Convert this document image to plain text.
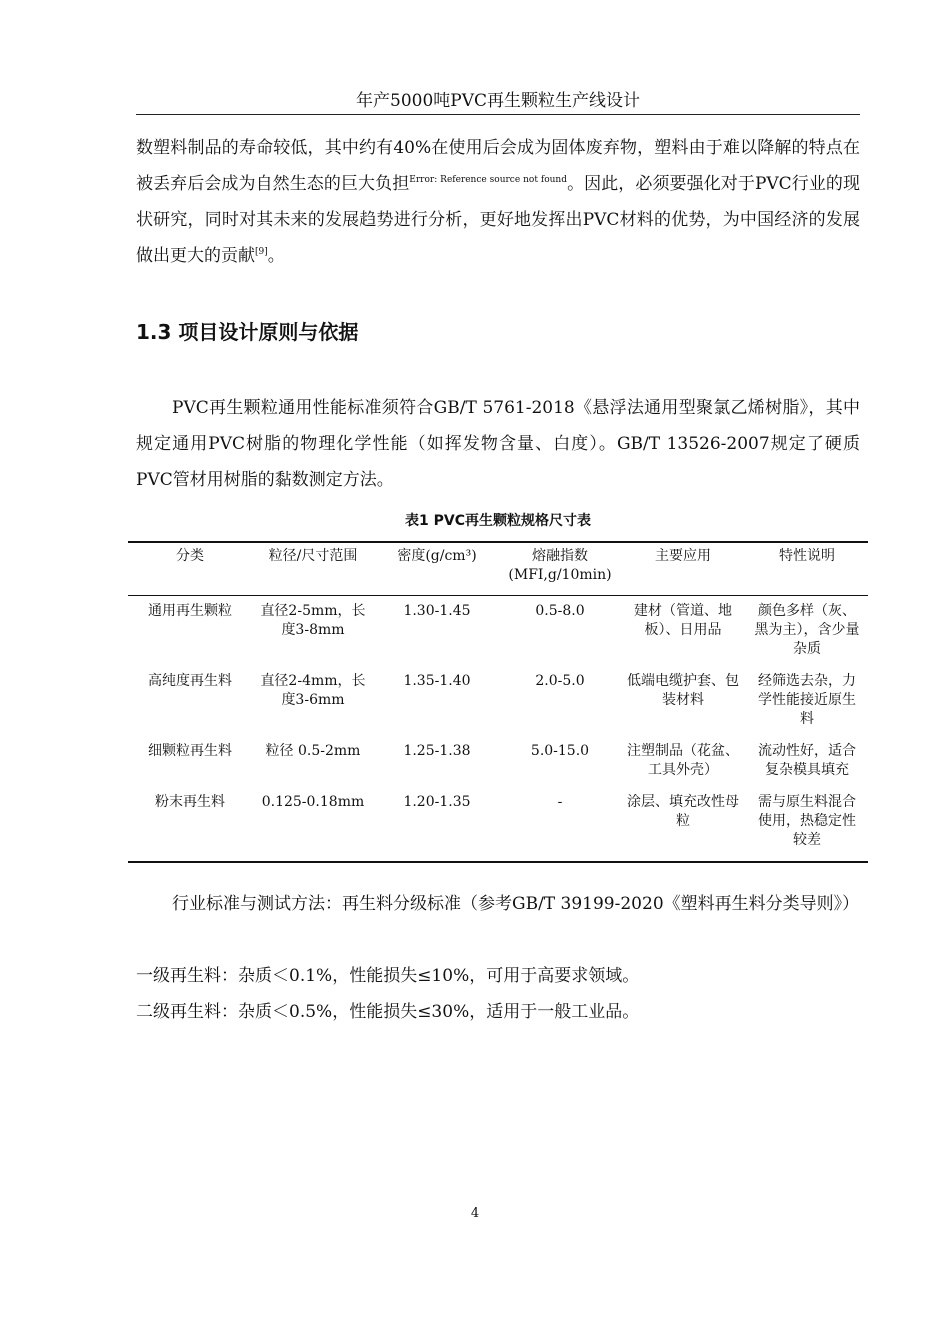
年产5000吨PVC再生颗粒生产线设计

数塑料制品的寿命较低，其中约有40%在使用后会成为固体废弃物，塑料由于难以降解的特点在被丢弃后会成为自然生态的巨大负担$^{Error: Reference source not found}$。因此，必须要强化对于PVC行业的现状研究，同时对其未来的发展趋势进行分析，更好地发挥出PVC材料的优势，为中国经济的发展做出更大的贡献[9]。

1.3 项目设计原则与依据

PVC再生颗粒通用性能标准须符合GB/T 5761-2018《悬浮法通用型聚氯乙烯树脂》，其中规定通用PVC树脂的物理化学性能（如挥发物含量、白度）。GB/T 13526-2007规定了硬质PVC管材用树脂的黏数测定方法。

表1 PVC再生颗粒规格尺寸表
分类	粒径/尺寸范围	密度(g/cm³)	熔融指数(MFI,g/10min)	主要应用	特性说明
通用再生颗粒	直径2-5mm，长度3-8mm	1.30-1.45	0.5-8.0	建材（管道、地板）、日用品	颜色多样（灰、黑为主），含少量杂质
高纯度再生料	直径2-4mm，长度3-6mm	1.35-1.40	2.0-5.0	低端电缆护套、包装材料	经筛选去杂，力学性能接近原生料
细颗粒再生料	粒径 0.5-2mm	1.25-1.38	5.0-15.0	注塑制品（花盆、工具外壳）	流动性好，适合复杂模具填充
粉末再生料	0.125-0.18mm	1.20-1.35	-	涂层、填充改性母粒	需与原生料混合使用，热稳定性较差

行业标准与测试方法：再生料分级标准（参考GB/T 39199-2020《塑料再生料分类导则》）

一级再生料：杂质＜0.1%，性能损失≤10%，可用于高要求领域。

二级再生料：杂质＜0.5%，性能损失≤30%，适用于一般工业品。

4
